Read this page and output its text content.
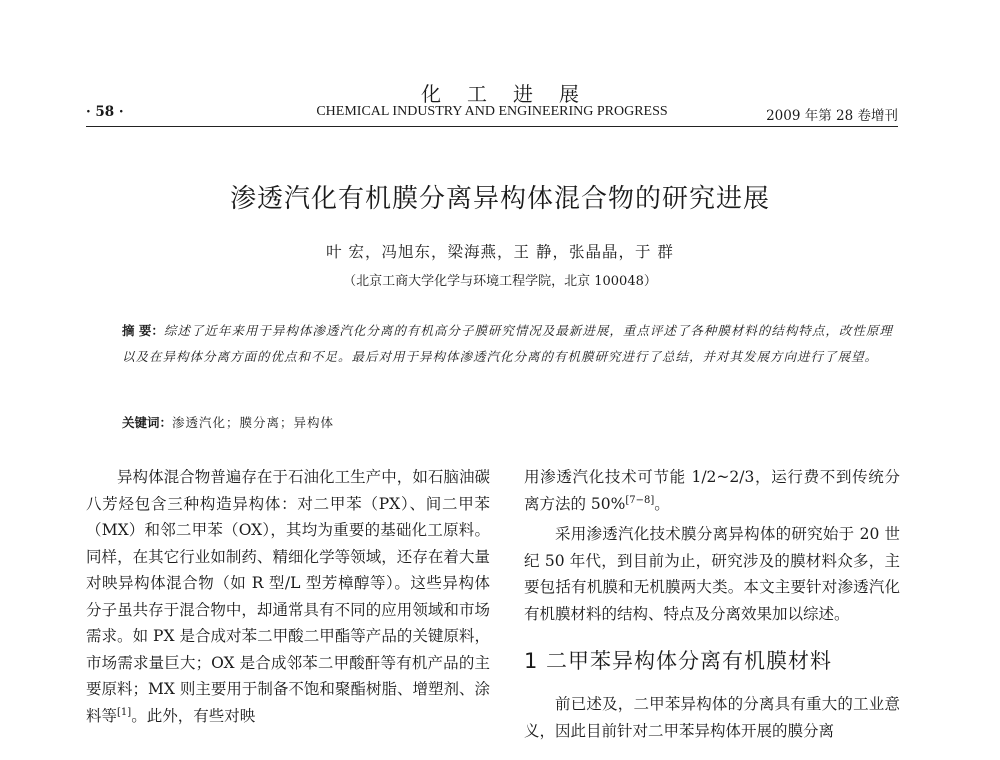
化工进展
CHEMICAL INDUSTRY AND ENGINEERING PROGRESS
· 58 ·	2009 年第 28 卷增刊
渗透汽化有机膜分离异构体混合物的研究进展
叶 宏，冯旭东，梁海燕，王 静，张晶晶，于 群
（北京工商大学化学与环境工程学院，北京 100048）
摘 要：综述了近年来用于异构体渗透汽化分离的有机高分子膜研究情况及最新进展，重点评述了各种膜材料的结构特点，改性原理以及在异构体分离方面的优点和不足。最后对用于异构体渗透汽化分离的有机膜研究进行了总结，并对其发展方向进行了展望。
关键词：渗透汽化；膜分离；异构体

异构体混合物普遍存在于石油化工生产中，如石脑油碳八芳烃包含三种构造异构体：对二甲苯（PX）、间二甲苯（MX）和邻二甲苯（OX），其均为重要的基础化工原料。同样，在其它行业如制药、精细化学等领域，还存在着大量对映异构体混合物（如 R 型/L 型芳樟醇等）。这些异构体分子虽共存于混合物中，却通常具有不同的应用领域和市场需求。如 PX 是合成对苯二甲酸二甲酯等产品的关键原料，市场需求量巨大；OX 是合成邻苯二甲酸酐等有机产品的主要原料；MX 则主要用于制备不饱和聚酯树脂、增塑剂、涂料等[1]。此外，有些对映

用渗透汽化技术可节能 1/2~2/3，运行费不到传统分离方法的 50%[7−8]。

采用渗透汽化技术膜分离异构体的研究始于 20 世纪 50 年代，到目前为止，研究涉及的膜材料众多，主要包括有机膜和无机膜两大类。本文主要针对渗透汽化有机膜材料的结构、特点及分离效果加以综述。

1 二甲苯异构体分离有机膜材料

前已述及，二甲苯异构体的分离具有重大的工业意义，因此目前针对二甲苯异构体开展的膜分离
